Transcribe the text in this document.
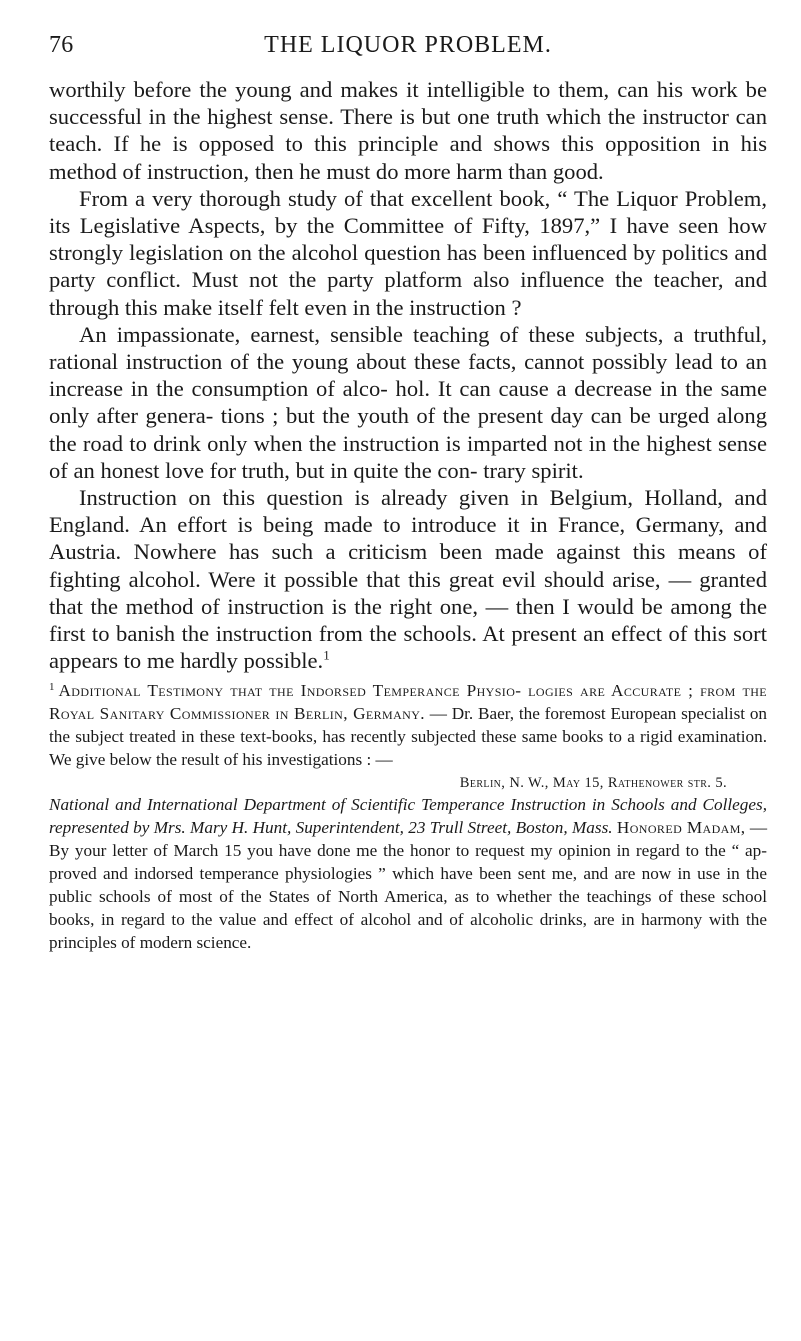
76	THE LIQUOR PROBLEM.

worthily before the young and makes it intelligible to them, can his work be successful in the highest sense. There is but one truth which the instructor can teach. If he is opposed to this principle and shows this opposition in his method of instruction, then he must do more harm than good.

From a very thorough study of that excellent book, “ The Liquor Problem, its Legislative Aspects, by the Committee of Fifty, 1897,” I have seen how strongly legislation on the alcohol question has been influenced by politics and party conflict. Must not the party platform also influence the teacher, and through this make itself felt even in the instruction ?

An impassionate, earnest, sensible teaching of these subjects, a truthful, rational instruction of the young about these facts, cannot possibly lead to an increase in the consumption of alco- hol. It can cause a decrease in the same only after genera- tions ; but the youth of the present day can be urged along the road to drink only when the instruction is imparted not in the highest sense of an honest love for truth, but in quite the con- trary spirit.

Instruction on this question is already given in Belgium, Holland, and England. An effort is being made to introduce it in France, Germany, and Austria. Nowhere has such a criticism been made against this means of fighting alcohol. Were it possible that this great evil should arise, — granted that the method of instruction is the right one, — then I would be among the first to banish the instruction from the schools. At present an effect of this sort appears to me hardly possible.$^1$

$^1$ Additional Testimony that the Indorsed Temperance Physio- logies are Accurate ; from the Royal Sanitary Commissioner in Berlin, Germany. — Dr. Baer, the foremost European specialist on the subject treated in these text-books, has recently subjected these same books to a rigid examination. We give below the result of his investigations : —

Berlin, N. W., May 15, Rathenower str. 5.

National and International Department of Scientific Temperance Instruction in Schools and Colleges, represented by Mrs. Mary H. Hunt, Superintendent, 23 Trull Street, Boston, Mass. Honored Madam, — By your letter of March 15 you have done me the honor to request my opinion in regard to the “ ap- proved and indorsed temperance physiologies ” which have been sent me, and are now in use in the public schools of most of the States of North America, as to whether the teachings of these school books, in regard to the value and effect of alcohol and of alcoholic drinks, are in harmony with the principles of modern science.
